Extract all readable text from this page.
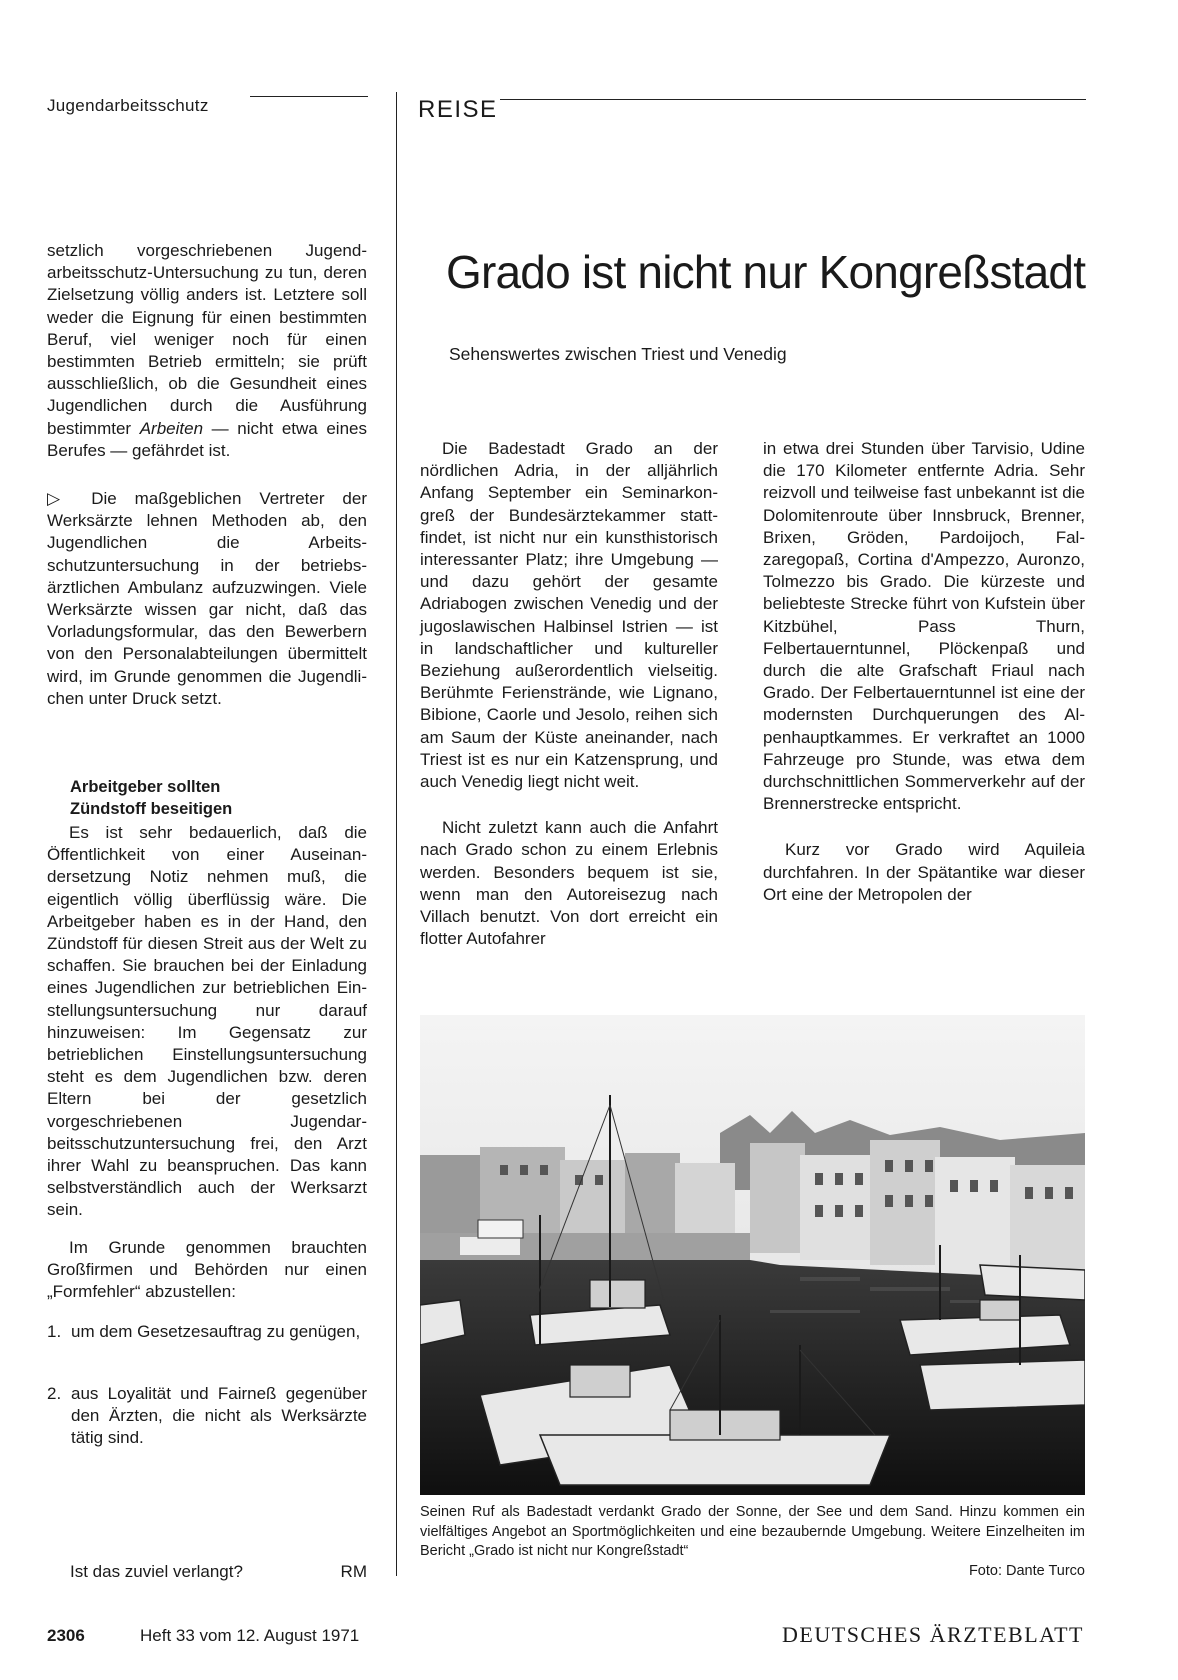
Jugendarbeitsschutz	REISE

setzlich vorgeschriebenen Jugendarbeitsschutz-Untersuchung zu tun, deren Zielsetzung völlig anders ist. Letztere soll weder die Eignung für einen bestimmten Beruf, viel weniger noch für einen bestimmten Betrieb ermitteln; sie prüft ausschließlich, ob die Gesundheit eines Jugendlichen durch die Ausführung bestimmter Arbeiten — nicht etwa eines Berufes — gefährdet ist.

▷ Die maßgeblichen Vertreter der Werksärzte lehnen Methoden ab, den Jugendlichen die Arbeitsschutzuntersuchung in der betriebsärztlichen Ambulanz aufzuzwingen. Viele Werksärzte wissen gar nicht, daß das Vorladungsformular, das den Bewerbern von den Personalabteilungen übermittelt wird, im Grunde genommen die Jugendlichen unter Druck setzt.

Arbeitgeber sollten
Zündstoff beseitigen

Es ist sehr bedauerlich, daß die Öffentlichkeit von einer Auseinandersetzung Notiz nehmen muß, die eigentlich völlig überflüssig wäre. Die Arbeitgeber haben es in der Hand, den Zündstoff für diesen Streit aus der Welt zu schaffen. Sie brauchen bei der Einladung eines Jugendlichen zur betrieblichen Einstellungsuntersuchung nur darauf hinzuweisen: Im Gegensatz zur betrieblichen Einstellungsuntersuchung steht es dem Jugendlichen bzw. deren Eltern bei der gesetzlich vorgeschriebenen Jugendarbeitsschutzuntersuchung frei, den Arzt ihrer Wahl zu beanspruchen. Das kann selbstverständlich auch der Werksarzt sein.

Im Grunde genommen brauchten Großfirmen und Behörden nur einen „Formfehler“ abzustellen:

1. um dem Gesetzesauftrag zu genügen,
2. aus Loyalität und Fairneß gegenüber den Ärzten, die nicht als Werksärzte tätig sind.
Ist das zuviel verlangt?	RM
Grado ist nicht nur Kongreßstadt
Sehenswertes zwischen Triest und Venedig

Die Badestadt Grado an der nördlichen Adria, in der alljährlich Anfang September ein Seminarkongreß der Bundesärztekammer stattfindet, ist nicht nur ein kunsthistorisch interessanter Platz; ihre Umgebung — und dazu gehört der gesamte Adriabogen zwischen Venedig und der jugoslawischen Halbinsel Istrien — ist in landschaftlicher und kultureller Beziehung außerordentlich vielseitig. Berühmte Ferienstrände, wie Lignano, Bibione, Caorle und Jesolo, reihen sich am Saum der Küste aneinander, nach Triest ist es nur ein Katzensprung, und auch Venedig liegt nicht weit.

Nicht zuletzt kann auch die Anfahrt nach Grado schon zu einem Erlebnis werden. Besonders bequem ist sie, wenn man den Autoreisezug nach Villach benutzt. Von dort erreicht ein flotter Autofahrer

in etwa drei Stunden über Tarvisio, Udine die 170 Kilometer entfernte Adria. Sehr reizvoll und teilweise fast unbekannt ist die Dolomitenroute über Innsbruck, Brenner, Brixen, Gröden, Pardoijoch, Falzaregopaß, Cortina d'Ampezzo, Auronzo, Tolmezzo bis Grado. Die kürzeste und beliebteste Strecke führt von Kufstein über Kitzbühel, Pass Thurn, Felbertauerntunnel, Plöckenpaß und durch die alte Grafschaft Friaul nach Grado. Der Felbertauerntunnel ist eine der modernsten Durchquerungen des Alpenhauptkammes. Er verkraftet an 1000 Fahrzeuge pro Stunde, was etwa dem durchschnittlichen Sommerverkehr auf der Brennerstrecke entspricht.

Kurz vor Grado wird Aquileia durchfahren. In der Spätantike war dieser Ort eine der Metropolen der

Seinen Ruf als Badestadt verdankt Grado der Sonne, der See und dem Sand. Hinzu kommen ein vielfältiges Angebot an Sportmöglichkeiten und eine bezaubernde Umgebung. Weitere Einzelheiten im Bericht „Grado ist nicht nur Kongreßstadt“

Foto: Dante Turco
2306	Heft 33 vom 12. August 1971	DEUTSCHES ÄRZTEBLATT
